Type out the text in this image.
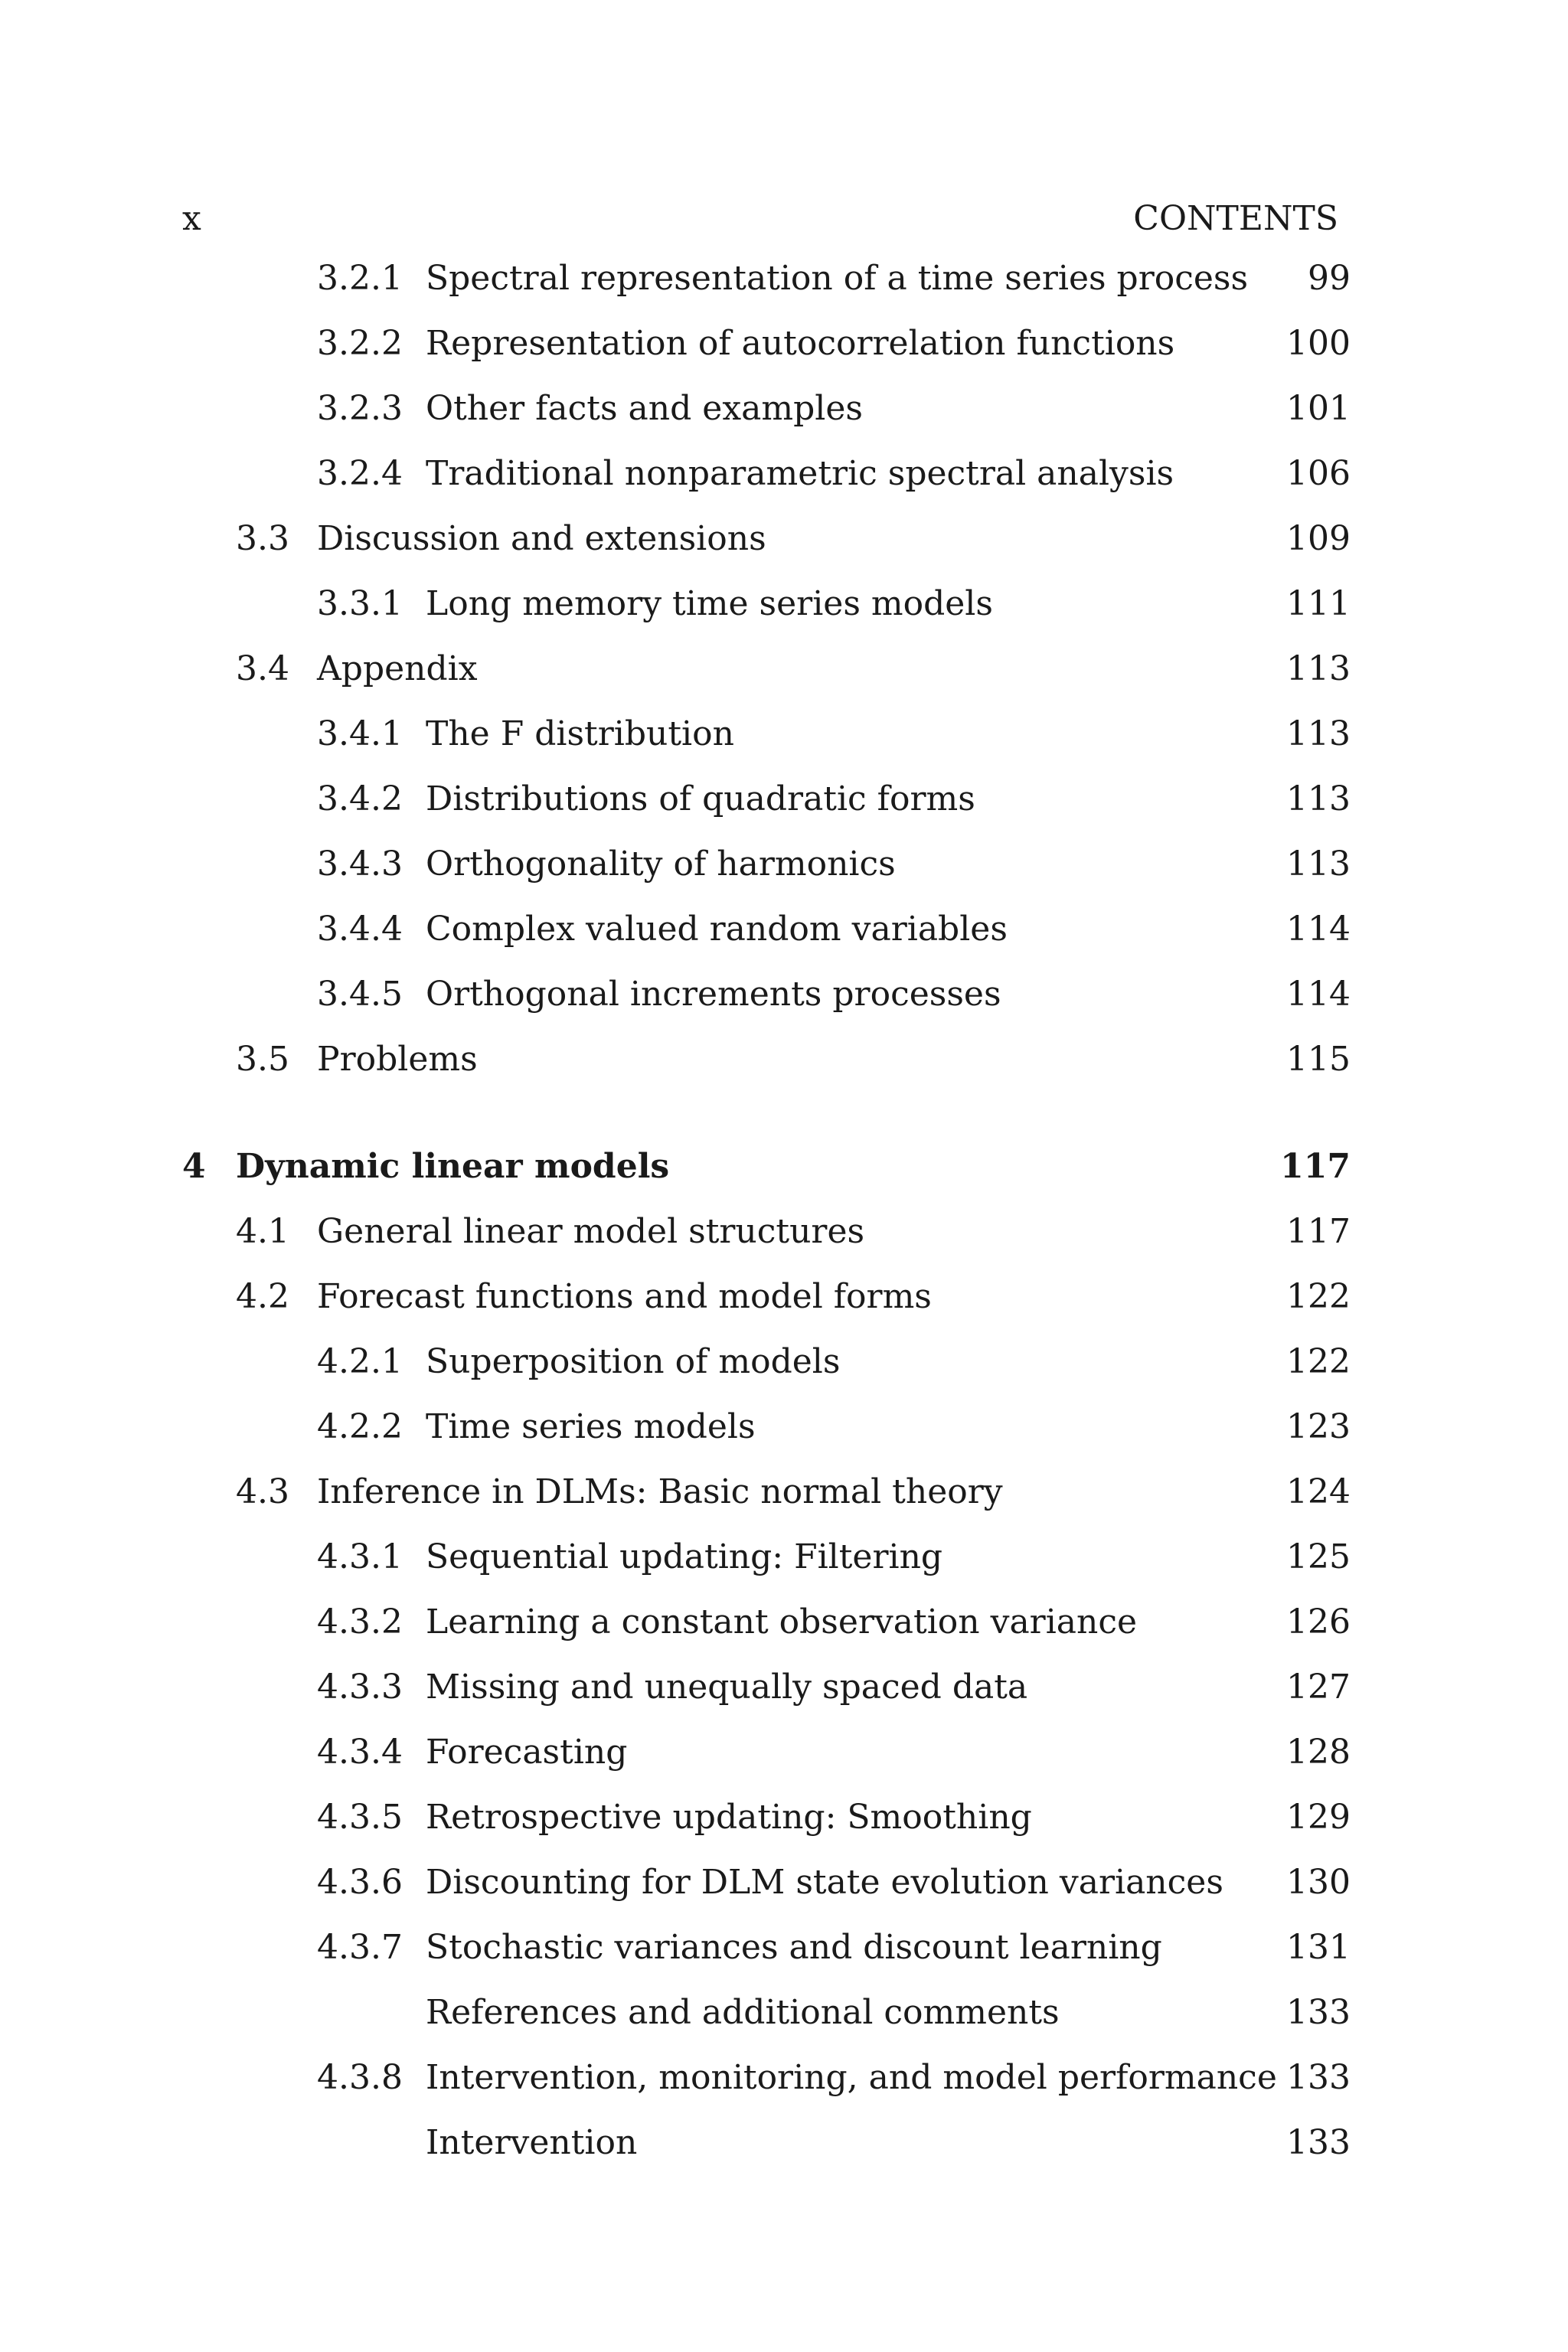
x	CONTENTS
3.2.1 Spectral representation of a time series process 99
3.2.2 Representation of autocorrelation functions	100
3.2.3 Other facts and examples	101
3.2.4 Traditional nonparametric spectral analysis	106
3.3 Discussion and extensions	109
3.3.1 Long memory time series models	111
3.4 Appendix	113
3.4.1 The F distribution	113
3.4.2 Distributions of quadratic forms	113
3.4.3 Orthogonality of harmonics	113
3.4.4 Complex valued random variables	114
3.4.5 Orthogonal increments processes	114
3.5 Problems	115
4 Dynamic linear models	117
4.1 General linear model structures	117
4.2 Forecast functions and model forms	122
4.2.1 Superposition of models	122
4.2.2 Time series models	123
4.3 Inference in DLMs: Basic normal theory	124
4.3.1 Sequential updating: Filtering	125
4.3.2 Learning a constant observation variance	126
4.3.3 Missing and unequally spaced data	127
4.3.4 Forecasting	128
4.3.5 Retrospective updating: Smoothing	129
4.3.6 Discounting for DLM state evolution variances 130
4.3.7 Stochastic variances and discount learning	131
References and additional comments	133
4.3.8 Intervention, monitoring, and model performance 133
Intervention	133
